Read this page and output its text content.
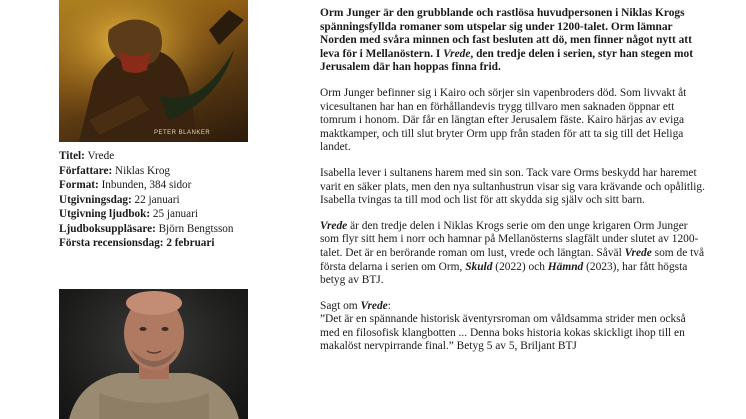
PETER BLANKER
Titel: Vrede
Författare: Niklas Krog
Format: Inbunden, 384 sidor
Utgivningsdag: 22 januari
Utgivning ljudbok: 25 januari
Ljudboksuppläsare: Björn Bengtsson
Första recensionsdag: 2 februari

Orm Junger är den grubblande och rastlösa huvudpersonen i Niklas Krogs spänningsfyllda romaner som utspelar sig under 1200-talet. Orm lämnar Norden med svåra minnen och fast besluten att dö, men finner något nytt att leva för i Mellanöstern. I Vrede, den tredje delen i serien, styr han stegen mot Jerusalem där han hoppas finna frid.

Orm Junger befinner sig i Kairo och sörjer sin vapenbroders död. Som livvakt åt vicesultanen har han en förhållandevis trygg tillvaro men saknaden öppnar ett tomrum i honom. Där får en längtan efter Jerusalem fäste. Kairo härjas av eviga maktkamper, och till slut bryter Orm upp från staden för att ta sig till det Heliga landet.

Isabella lever i sultanens harem med sin son. Tack vare Orms beskydd har haremet varit en säker plats, men den nya sultanhustrun visar sig vara krävande och opålitlig. Isabella tvingas ta till mod och list för att skydda sig själv och sitt barn.

Vrede är den tredje delen i Niklas Krogs serie om den unge krigaren Orm Junger som flyr sitt hem i norr och hamnar på Mellanösterns slagfält under slutet av 1200-talet. Det är en berörande roman om lust, vrede och längtan. Såväl Vrede som de två första delarna i serien om Orm, Skuld (2022) och Hämnd (2023), har fått högsta betyg av BTJ.

Sagt om Vrede:

”Det är en spännande historisk äventyrsroman om våldsamma strider men också med en filosofisk klangbotten ... Denna boks historia kokas skickligt ihop till en makalöst nervpirrande final.” Betyg 5 av 5, Briljant BTJ
